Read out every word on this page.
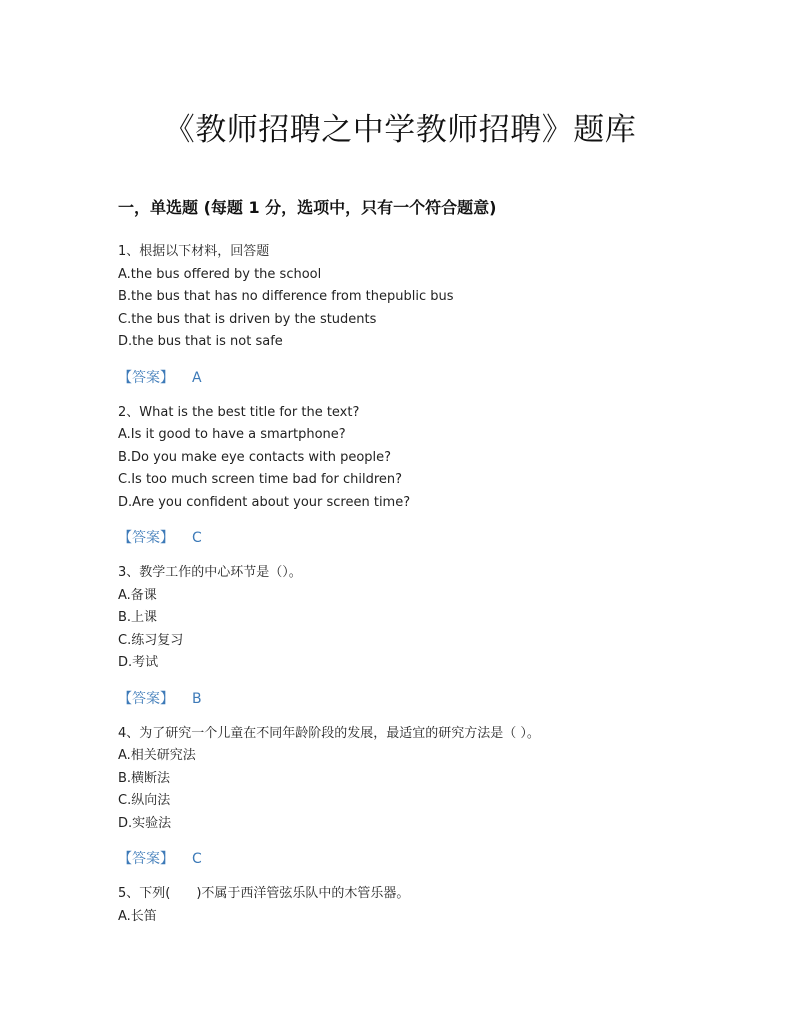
《教师招聘之中学教师招聘》题库
一，单选题 (每题 1 分，选项中，只有一个符合题意)
1、根据以下材料，回答题
A.the bus offered by the school
B.the bus that has no difference from thepublic bus
C.the bus that is driven by the students
D.the bus that is not safe
【答案】 A
2、What is the best title for the text?
A.Is it good to have a smartphone?
B.Do you make eye contacts with people?
C.Is too much screen time bad for children?
D.Are you confident about your screen time?
【答案】 C
3、教学工作的中心环节是（）。
A.备课
B.上课
C.练习复习
D.考试
【答案】 B
4、为了研究一个儿童在不同年龄阶段的发展，最适宜的研究方法是（ ）。
A.相关研究法
B.横断法
C.纵向法
D.实验法
【答案】 C
5、下列(　　)不属于西洋管弦乐队中的木管乐器。
A.长笛
